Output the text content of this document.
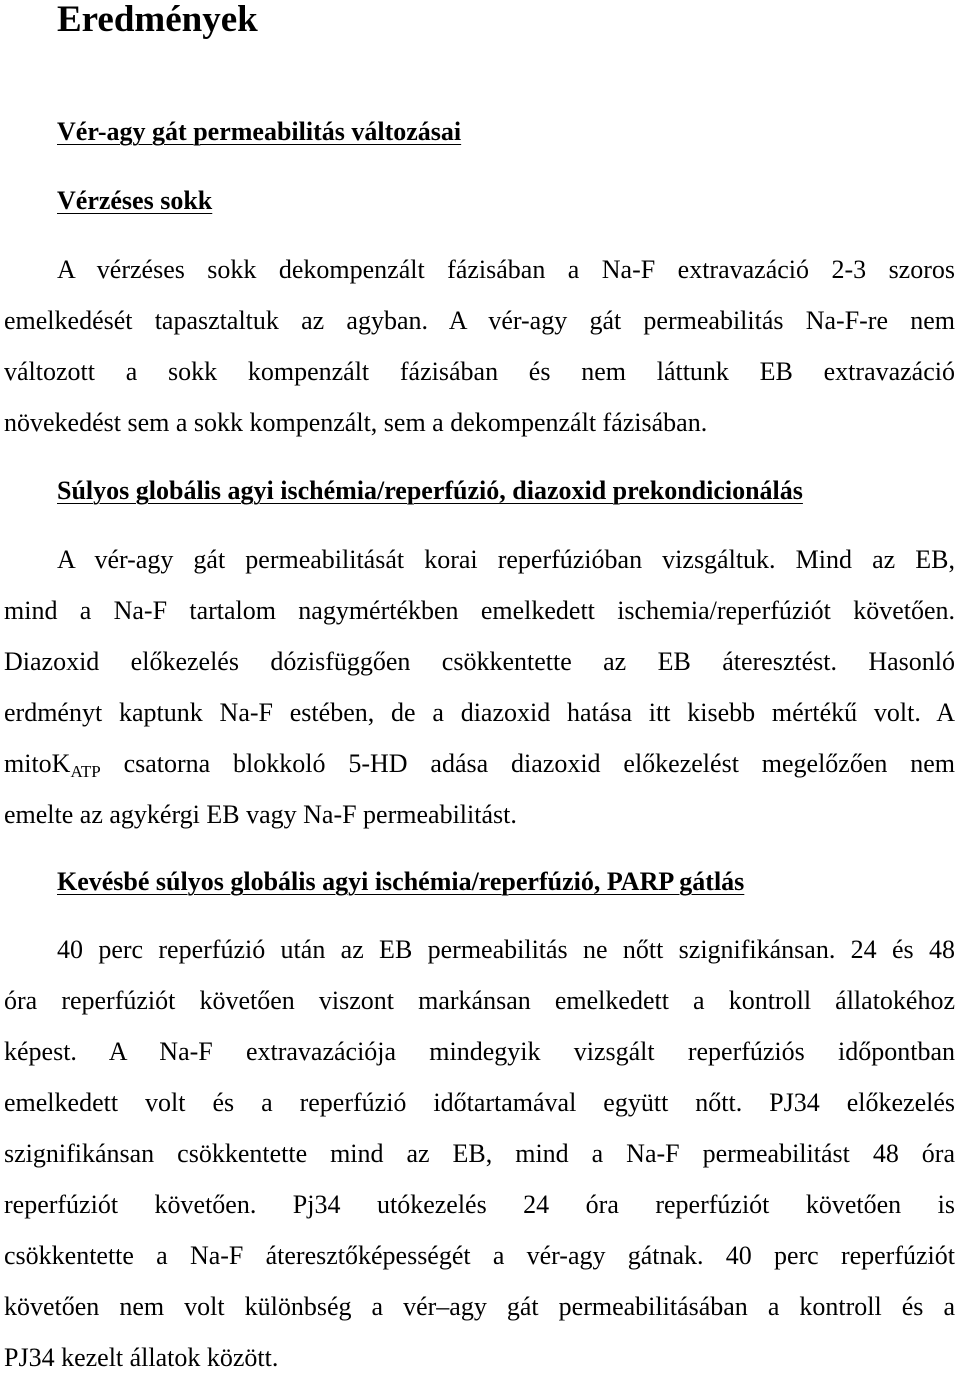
Eredmények
Vér-agy gát permeabilitás változásai
Vérzéses sokk
A vérzéses sokk dekompenzált fázisában a Na-F extravazáció 2-3 szoros
emelkedését tapasztaltuk az agyban. A vér-agy gát permeabilitás Na-F-re nem
változott a sokk kompenzált fázisában és nem láttunk EB extravazáció
növekedést sem a sokk kompenzált, sem a dekompenzált fázisában.
Súlyos globális agyi ischémia/reperfúzió, diazoxid prekondicionálás
A vér-agy gát permeabilitását korai reperfúzióban vizsgáltuk. Mind az EB,
mind a Na-F tartalom nagymértékben emelkedett ischemia/reperfúziót követően.
Diazoxid előkezelés dózisfüggően csökkentette az EB áteresztést. Hasonló
erdményt kaptunk Na-F estében, de a diazoxid hatása itt kisebb mértékű volt. A
mitoK$_{ATP}$ csatorna blokkoló 5-HD adása diazoxid előkezelést megelőzően nem
emelte az agykérgi EB vagy Na-F permeabilitást.
Kevésbé súlyos globális agyi ischémia/reperfúzió, PARP gátlás
40 perc reperfúzió után az EB permeabilitás ne nőtt szignifikánsan. 24 és 48
óra reperfúziót követően viszont markánsan emelkedett a kontroll állatokéhoz
képest. A Na-F extravazációja mindegyik vizsgált reperfúziós időpontban
emelkedett volt és a reperfúzió időtartamával együtt nőtt. PJ34 előkezelés
szignifikánsan csökkentette mind az EB, mind a Na-F permeabilitást 48 óra
reperfúziót követően. Pj34 utókezelés 24 óra reperfúziót követően is
csökkentette a Na-F áteresztőképességét a vér-agy gátnak. 40 perc reperfúziót
követően nem volt különbség a vér–agy gát permeabilitásában a kontroll és a
PJ34 kezelt állatok között.
